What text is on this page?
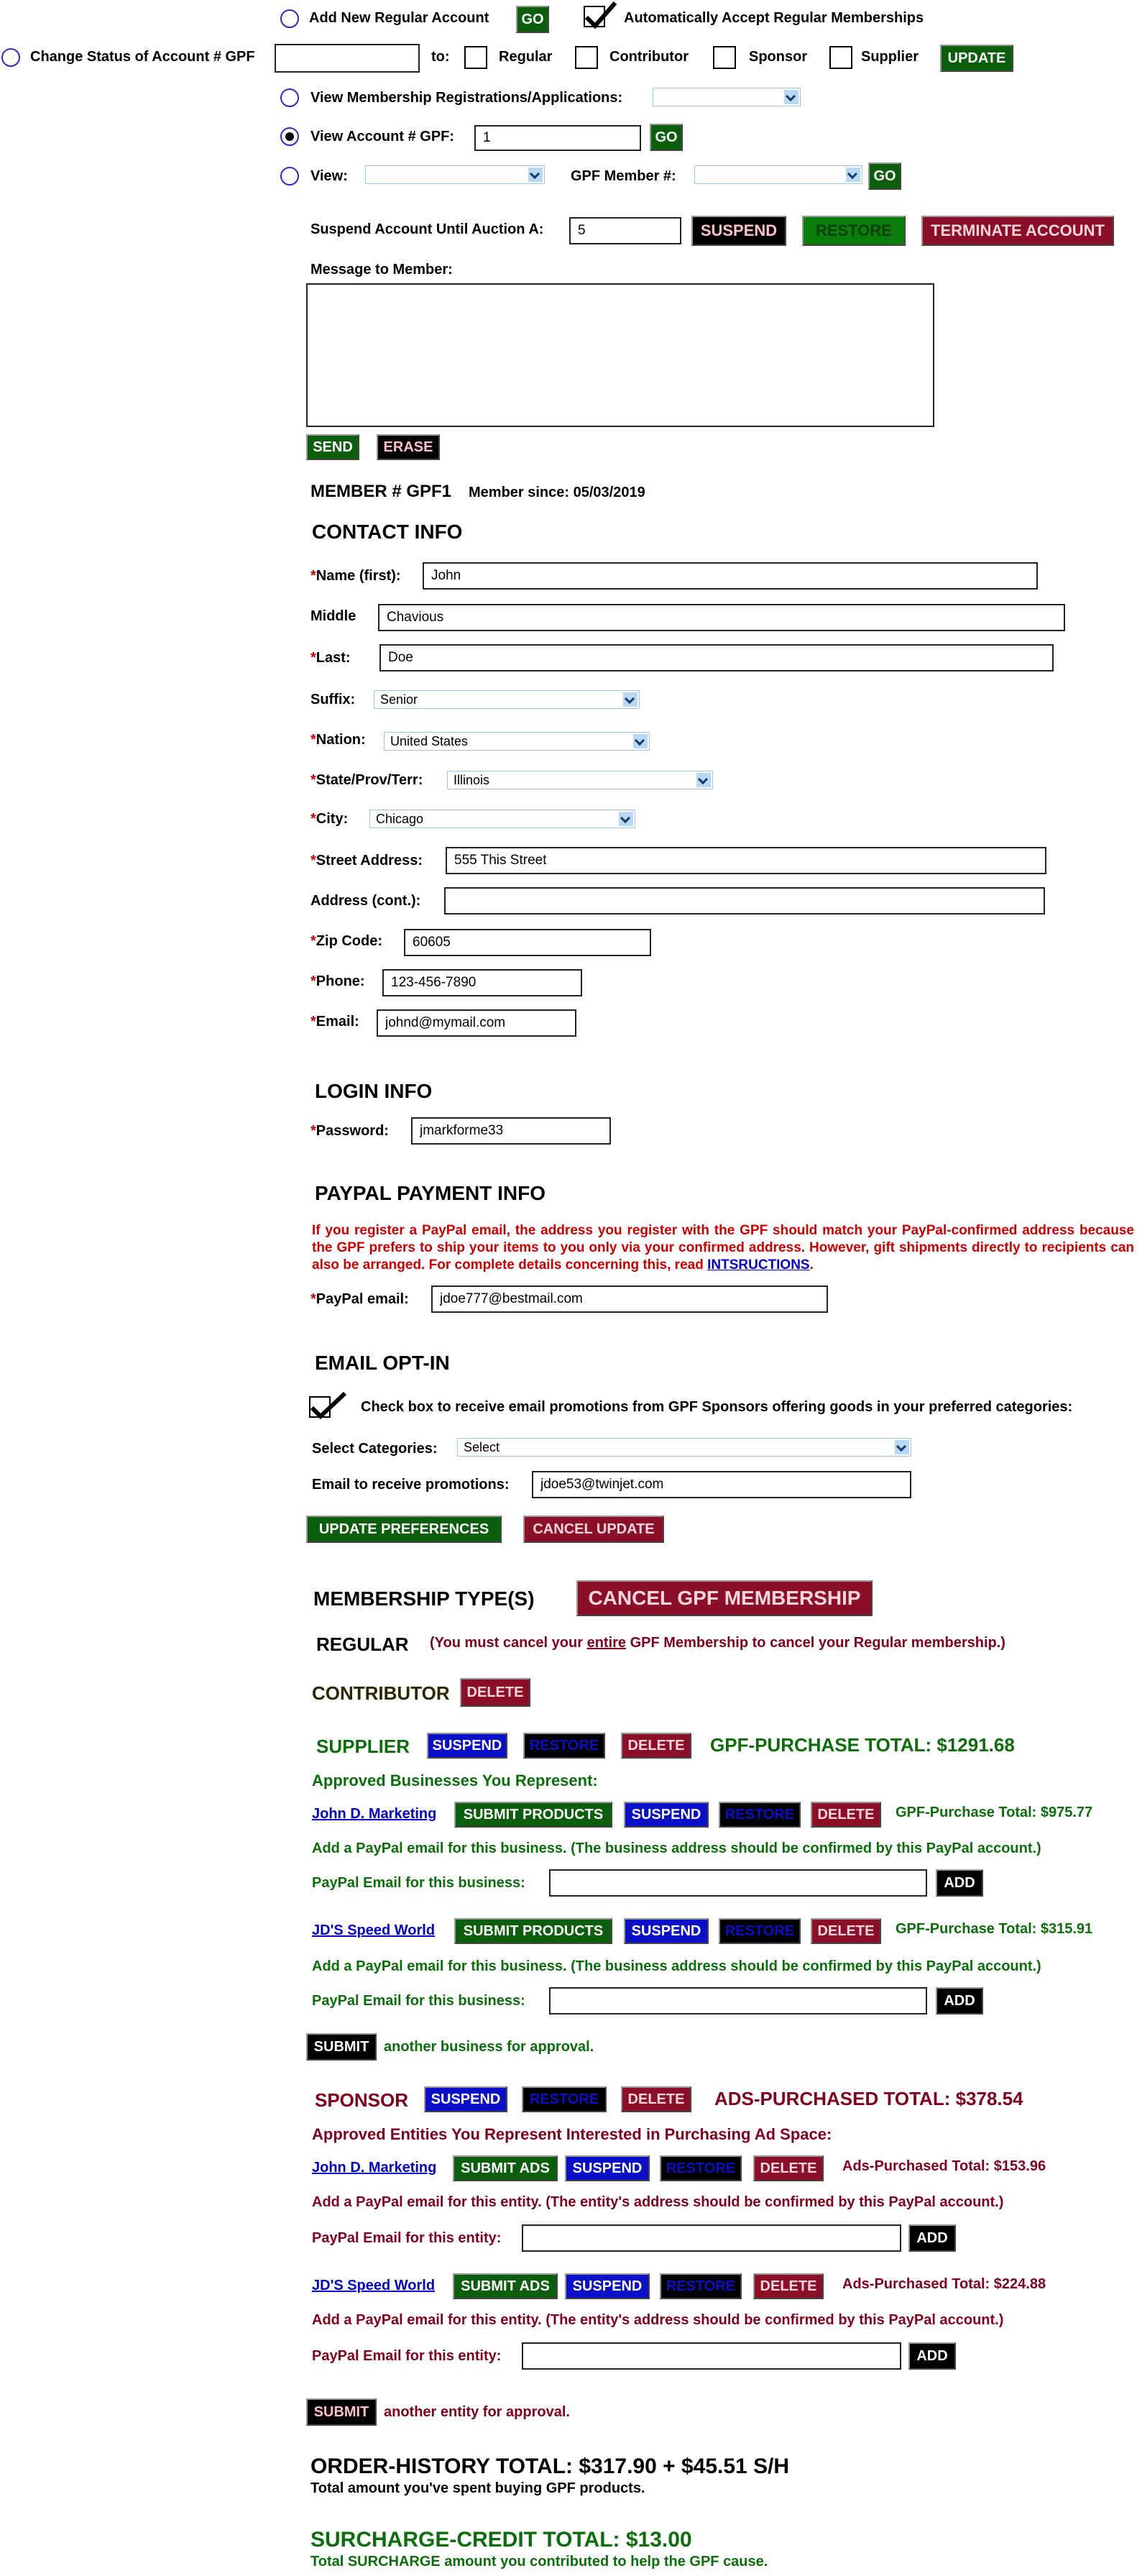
Add New Regular Account	GO	Automatically Accept Regular Memberships
Change Status of Account # GPF	to:	Regular	Contributor	Sponsor	Supplier	UPDATE
View Membership Registrations/Applications:
View Account # GPF:
1	GO
View:	GPF Member #:	GO
Suspend Account Until Auction A:
5	SUSPEND	RESTORE	TERMINATE ACCOUNT
Message to Member:
SEND	ERASE
MEMBER # GPF1 Member since: 05/03/2019
CONTACT INFO
*Name (first):
John
Middle
Chavious
*Last:
Doe
Suffix:	Senior
*Nation:	United States
*State/Prov/Terr:	Illinois
*City:	Chicago
*Street Address:
555 This Street
Address (cont.):
*Zip Code:
60605
*Phone:
123-456-7890
*Email:
johnd@mymail.com
LOGIN INFO
*Password:
jmarkforme33
PAYPAL PAYMENT INFO
If you register a PayPal email, the address you register with the GPF should match your PayPal-confirmed address because the GPF prefers to ship your items to you only via your confirmed address. However, gift shipments directly to recipients can also be arranged. For complete details concerning this, read INTSRUCTIONS.
*PayPal email:
jdoe777@bestmail.com
EMAIL OPT-IN
Check box to receive email promotions from GPF Sponsors offering goods in your preferred categories:
Select Categories:	Select
Email to receive promotions:
jdoe53@twinjet.com
UPDATE PREFERENCES	CANCEL UPDATE
MEMBERSHIP TYPE(S)	CANCEL GPF MEMBERSHIP
REGULAR (You must cancel your entire GPF Membership to cancel your Regular membership.)
CONTRIBUTOR	DELETE
SUPPLIER	SUSPEND	RESTORE	DELETE	GPF-PURCHASE TOTAL: $1291.68
Approved Businesses You Represent:
John D. Marketing	SUBMIT PRODUCTS	SUSPEND	RESTORE	DELETE	GPF-Purchase Total: $975.77
Add a PayPal email for this business. (The business address should be confirmed by this PayPal account.)
PayPal Email for this business:	ADD
JD'S Speed World	SUBMIT PRODUCTS	SUSPEND	RESTORE	DELETE	GPF-Purchase Total: $315.91
Add a PayPal email for this business. (The business address should be confirmed by this PayPal account.)
PayPal Email for this business:	ADD
SUBMIT	another business for approval.
SPONSOR	SUSPEND	RESTORE	DELETE	ADS-PURCHASED TOTAL: $378.54
Approved Entities You Represent Interested in Purchasing Ad Space:
John D. Marketing	SUBMIT ADS	SUSPEND	RESTORE	DELETE	Ads-Purchased Total: $153.96
Add a PayPal email for this entity. (The entity's address should be confirmed by this PayPal account.)
PayPal Email for this entity:	ADD
JD'S Speed World	SUBMIT ADS	SUSPEND	RESTORE	DELETE	Ads-Purchased Total: $224.88
Add a PayPal email for this entity. (The entity's address should be confirmed by this PayPal account.)
PayPal Email for this entity:	ADD
SUBMIT	another entity for approval.
ORDER-HISTORY TOTAL: $317.90 + $45.51 S/H
Total amount you've spent buying GPF products.
SURCHARGE-CREDIT TOTAL: $13.00
Total SURCHARGE amount you contributed to help the GPF cause.
